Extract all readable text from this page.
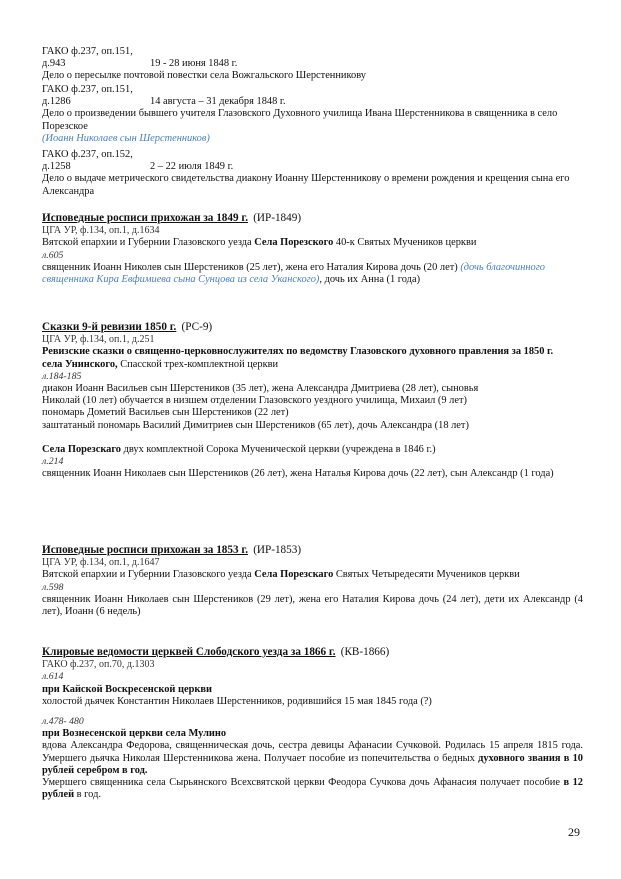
ГАКО ф.237, оп.151, д.943	19 - 28 июня 1848 г.
Дело о пересылке почтовой повестки села Вожгальского Шерстенникову
ГАКО ф.237, оп.151, д.1286	14 августа – 31 декабря 1848 г.
Дело о произведении бывшего учителя Глазовского Духовного училища Ивана Шерстенникова в священника в село Порезское
(Иоанн Николаев сын Шерстенников)
ГАКО ф.237, оп.152, д.1258	2 – 22 июля 1849 г.
Дело о выдаче метрического свидетельства диакону Иоанну Шерстенникову о времени рождения и крещения сына его Александра
Исповедные росписи прихожан за 1849 г. (ИР-1849)
ЦГА УР, ф.134, оп.1, д.1634
Вятской епархии и Губернии Глазовского уезда Села Порезского 40-к Святых Мучеников церкви
л.605
священник Иоанн Николев сын Шерстеников (25 лет), жена его Наталия Кирова дочь (20 лет) (дочь благочинного священника Кира Евфимиева сына Сунцова из села Уканского), дочь их Анна (1 года)
Сказки 9-й ревизии 1850 г. (РС-9)
ЦГА УР, ф.134, оп.1, д.251
Ревизские сказки о священно-церковнослужителях по ведомству Глазовского духовного правления за 1850 г.
села Унинского, Спасской трех-комплектной церкви
л.184-185
диакон Иоанн Васильев сын Шерстеников (35 лет), жена Александра Дмитриева (28 лет), сыновья
Николай (10 лет) обучается в низшем отделении Глазовского уездного училища, Михаил (9 лет)
пономарь Дометий Васильев сын Шерстеников (22 лет)
заштатаный пономарь Василий Димитриев сын Шерстеников (65 лет), дочь Александра (18 лет)
Села Порезскаго двух комплектной Сорока Мученической церкви (учреждена в 1846 г.)
л.214
священник Иоанн Николаев сын Шерстеников (26 лет), жена Наталья Кирова дочь (22 лет), сын Александр (1 года)
Исповедные росписи прихожан за 1853 г. (ИР-1853)
ЦГА УР, ф.134, оп.1, д.1647
Вятской епархии и Губернии Глазовского уезда Села Порезскаго Святых Четыредесяти Мучеников церкви
л.598
священник Иоанн Николаев сын Шерстеников (29 лет), жена его Наталия Кирова дочь (24 лет), дети их Александр (4 лет), Иоанн (6 недель)
Клировые ведомости церквей Слободского уезда за 1866 г. (КВ-1866)
ГАКО ф.237, оп.70, д.1303
л.614
при Кайской Воскресенской церкви
холостой дьячек Константин Николаев Шерстенников, родившийся 15 мая 1845 года (?)
л.478- 480
при Вознесенской церкви села Мулино
вдова Александра Федорова, священническая дочь, сестра девицы Афанасии Сучковой. Родилась 15 апреля 1815 года. Умершего дьячка Николая Шерстенникова жена. Получает пособие из попечительства о бедных духовного звания в 10 рублей серебром в год.
Умершего священника села Сырьянского Всехсвятской церкви Феодора Сучкова дочь Афанасия получает пособие в 12 рублей в год.
29
